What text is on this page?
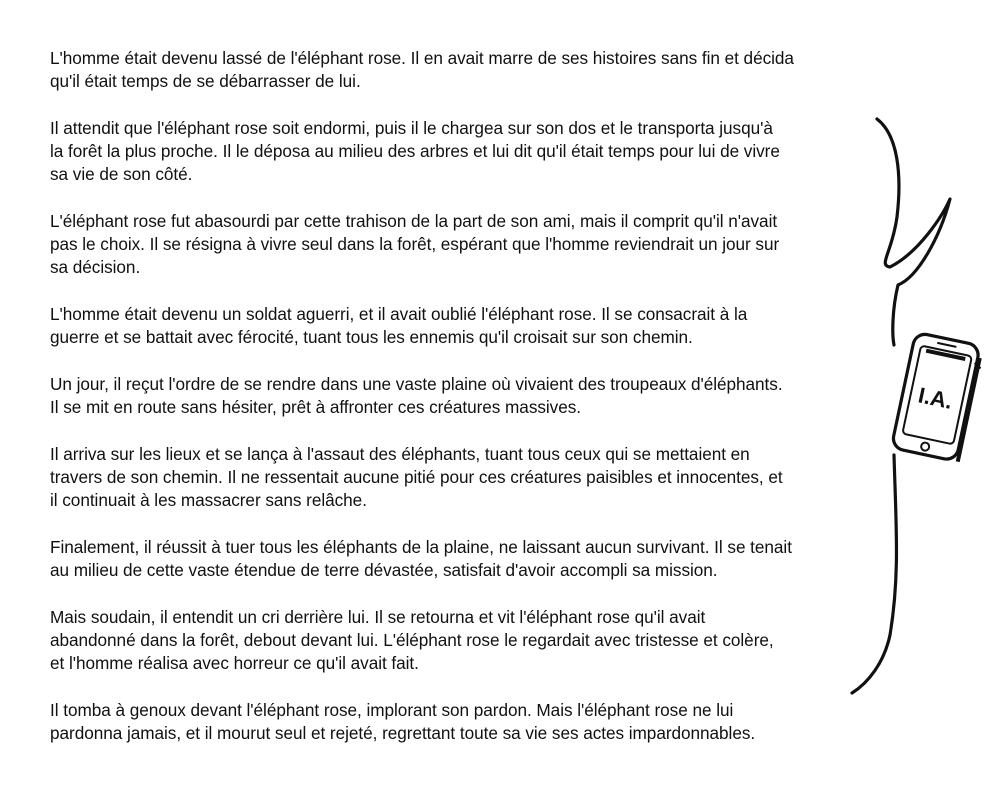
L'homme était devenu lassé de l'éléphant rose. Il en avait marre de ses histoires sans fin et décida
qu'il était temps de se débarrasser de lui.

Il attendit que l'éléphant rose soit endormi, puis il le chargea sur son dos et le transporta jusqu'à
la forêt la plus proche. Il le déposa au milieu des arbres et lui dit qu'il était temps pour lui de vivre
sa vie de son côté.

L'éléphant rose fut abasourdi par cette trahison de la part de son ami, mais il comprit qu'il n'avait
pas le choix. Il se résigna à vivre seul dans la forêt, espérant que l'homme reviendrait un jour sur
sa décision.

L'homme était devenu un soldat aguerri, et il avait oublié l'éléphant rose. Il se consacrait à la
guerre et se battait avec férocité, tuant tous les ennemis qu'il croisait sur son chemin.

Un jour, il reçut l'ordre de se rendre dans une vaste plaine où vivaient des troupeaux d'éléphants.
Il se mit en route sans hésiter, prêt à affronter ces créatures massives.

Il arriva sur les lieux et se lança à l'assaut des éléphants, tuant tous ceux qui se mettaient en
travers de son chemin. Il ne ressentait aucune pitié pour ces créatures paisibles et innocentes, et
il continuait à les massacrer sans relâche.

Finalement, il réussit à tuer tous les éléphants de la plaine, ne laissant aucun survivant. Il se tenait
au milieu de cette vaste étendue de terre dévastée, satisfait d'avoir accompli sa mission.

Mais soudain, il entendit un cri derrière lui. Il se retourna et vit l'éléphant rose qu'il avait
abandonné dans la forêt, debout devant lui. L'éléphant rose le regardait avec tristesse et colère,
et l'homme réalisa avec horreur ce qu'il avait fait.

Il tomba à genoux devant l'éléphant rose, implorant son pardon. Mais l'éléphant rose ne lui
pardonna jamais, et il mourut seul et rejeté, regrettant toute sa vie ses actes impardonnables.

I.A.
